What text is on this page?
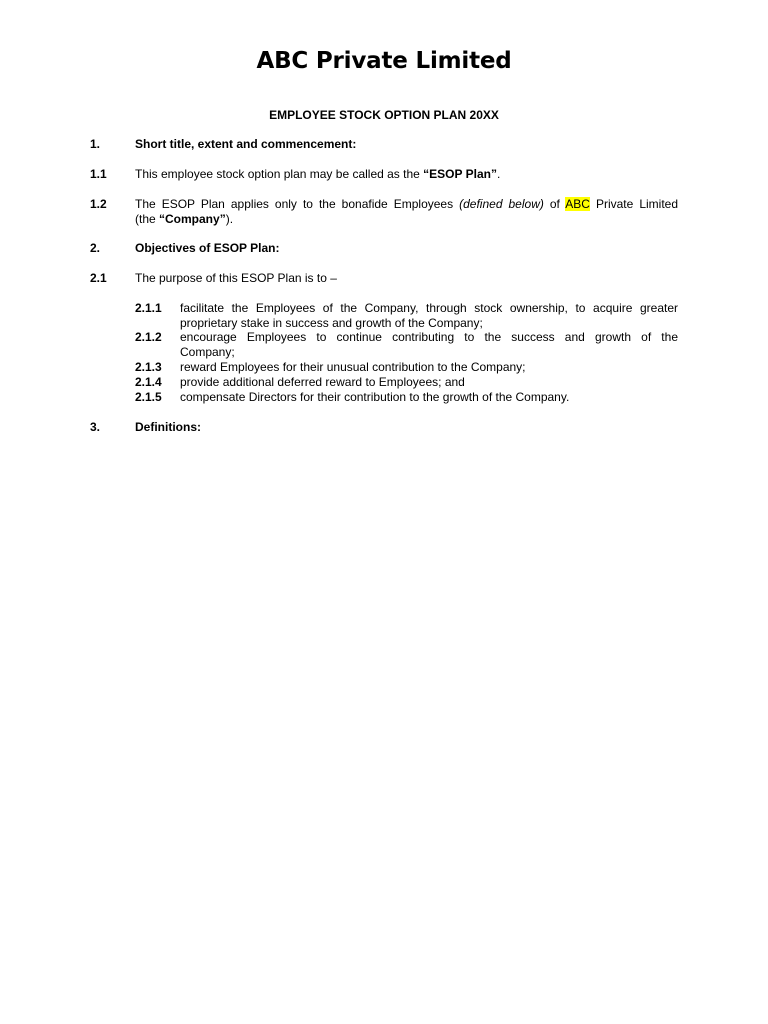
ABC Private Limited
EMPLOYEE STOCK OPTION PLAN 20XX
1.	Short title, extent and commencement:
1.1 This employee stock option plan may be called as the “ESOP Plan”.
1.2 The ESOP Plan applies only to the bonafide Employees (defined below) of ABC Private Limited
(the “Company”).
2.	Objectives of ESOP Plan:
2.1 The purpose of this ESOP Plan is to –
2.1.1 facilitate the Employees of the Company, through stock ownership, to acquire greater
proprietary stake in success and growth of the Company;
2.1.2 encourage Employees to continue contributing to the success and growth of the
Company;
2.1.3 reward Employees for their unusual contribution to the Company;
2.1.4 provide additional deferred reward to Employees; and
2.1.5 compensate Directors for their contribution to the growth of the Company.
3.	Definitions:
